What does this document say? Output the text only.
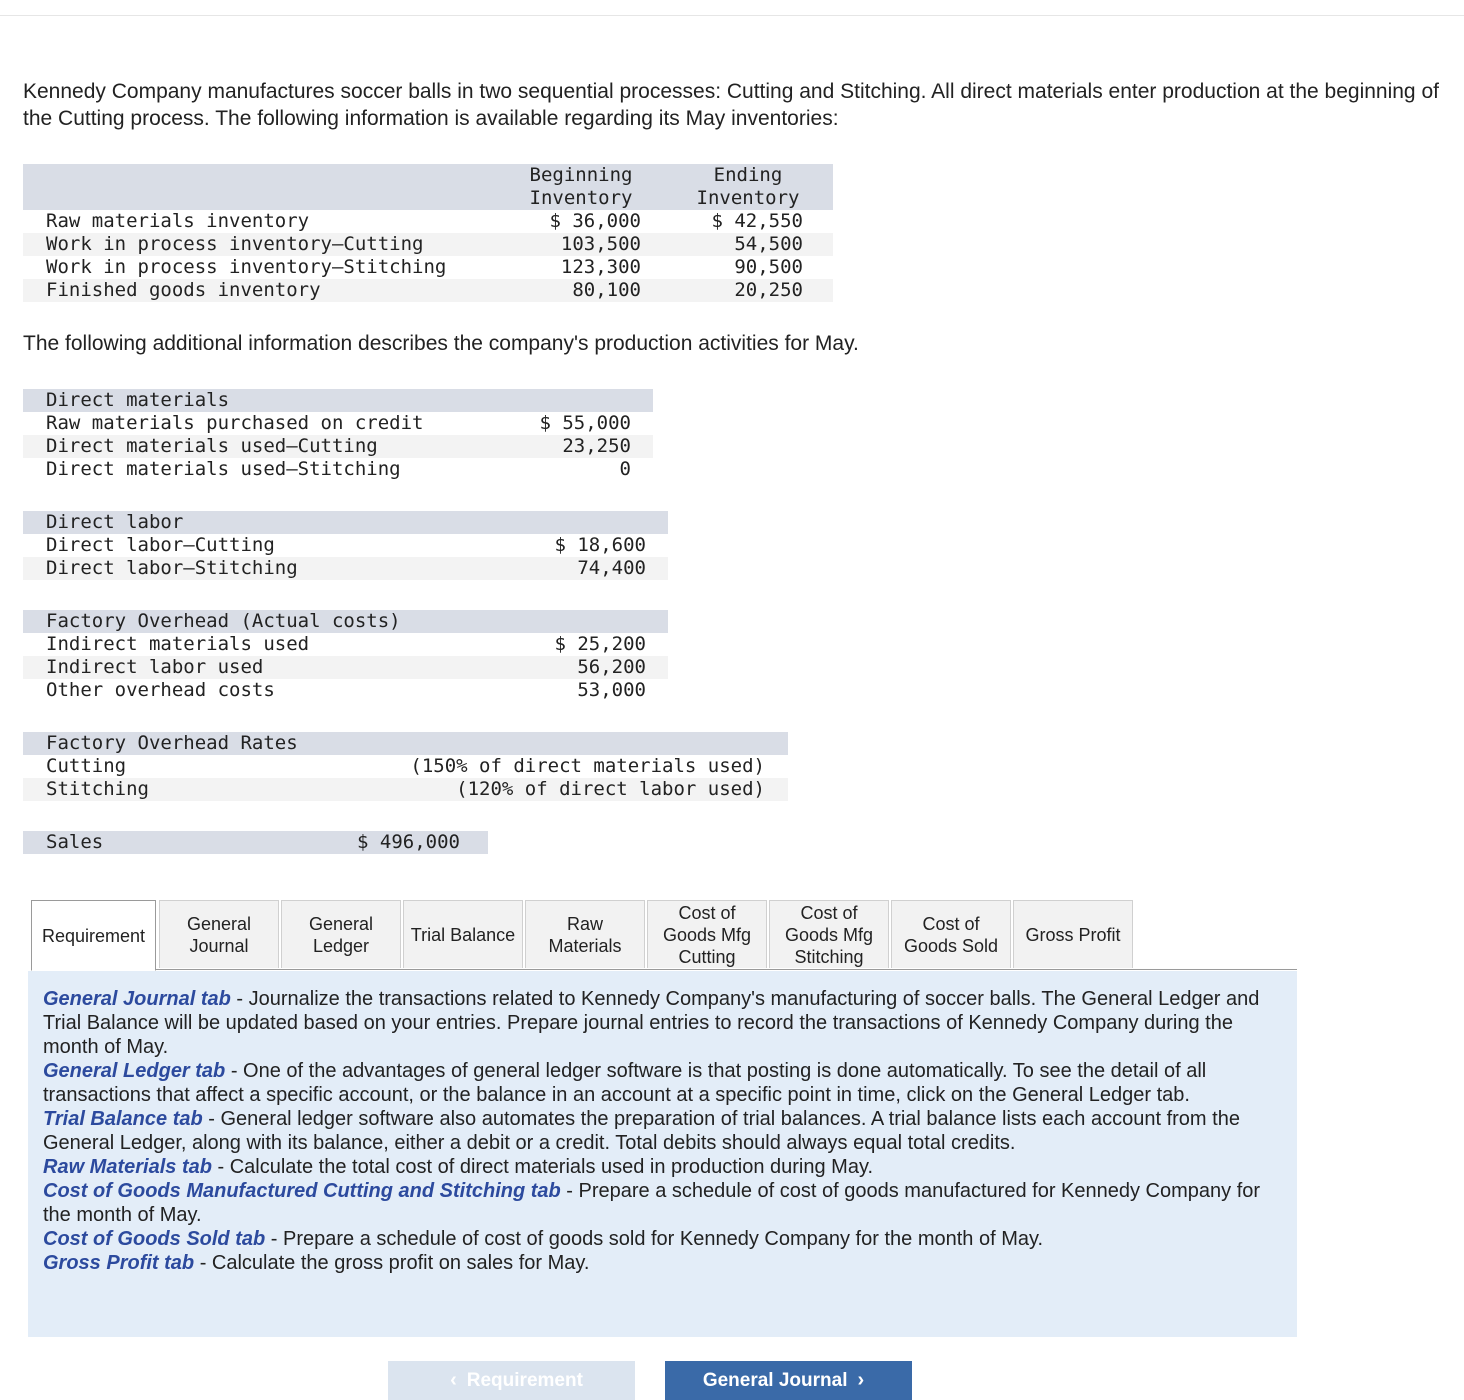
Kennedy Company manufactures soccer balls in two sequential processes: Cutting and Stitching. All direct materials enter production at the beginning of the Cutting process. The following information is available regarding its May inventories:

Beginning
Inventory
Ending
Inventory
Raw materials inventory	$ 36,000	$ 42,550
Work in process inventory—Cutting	103,500	54,500
Work in process inventory—Stitching	123,300	90,500
Finished goods inventory	80,100	20,250

The following additional information describes the company's production activities for May.

Direct materials
Raw materials purchased on credit	$ 55,000
Direct materials used—Cutting	23,250
Direct materials used—Stitching	0
Direct labor
Direct labor—Cutting	$ 18,600
Direct labor—Stitching	74,400
Factory Overhead (Actual costs)
Indirect materials used	$ 25,200
Indirect labor used	56,200
Other overhead costs	53,000
Factory Overhead Rates
Cutting	(150% of direct materials used)
Stitching	(120% of direct labor used)
Sales	$ 496,000
Requirement
General
Journal
General
Ledger
Trial Balance
Raw
Materials
Cost of
Goods Mfg
Cutting
Cost of
Goods Mfg
Stitching
Cost of
Goods Sold
Gross Profit

General Journal tab - Journalize the transactions related to Kennedy Company's manufacturing of soccer balls. The General Ledger and Trial Balance will be updated based on your entries. Prepare journal entries to record the transactions of Kennedy Company during the month of May.

General Ledger tab - One of the advantages of general ledger software is that posting is done automatically. To see the detail of all transactions that affect a specific account, or the balance in an account at a specific point in time, click on the General Ledger tab.

Trial Balance tab - General ledger software also automates the preparation of trial balances. A trial balance lists each account from the General Ledger, along with its balance, either a debit or a credit. Total debits should always equal total credits.

Raw Materials tab - Calculate the total cost of direct materials used in production during May.

Cost of Goods Manufactured Cutting and Stitching tab - Prepare a schedule of cost of goods manufactured for Kennedy Company for the month of May.

Cost of Goods Sold tab - Prepare a schedule of cost of goods sold for Kennedy Company for the month of May.

Gross Profit tab - Calculate the gross profit on sales for May.

‹ Requirement	General Journal ›
